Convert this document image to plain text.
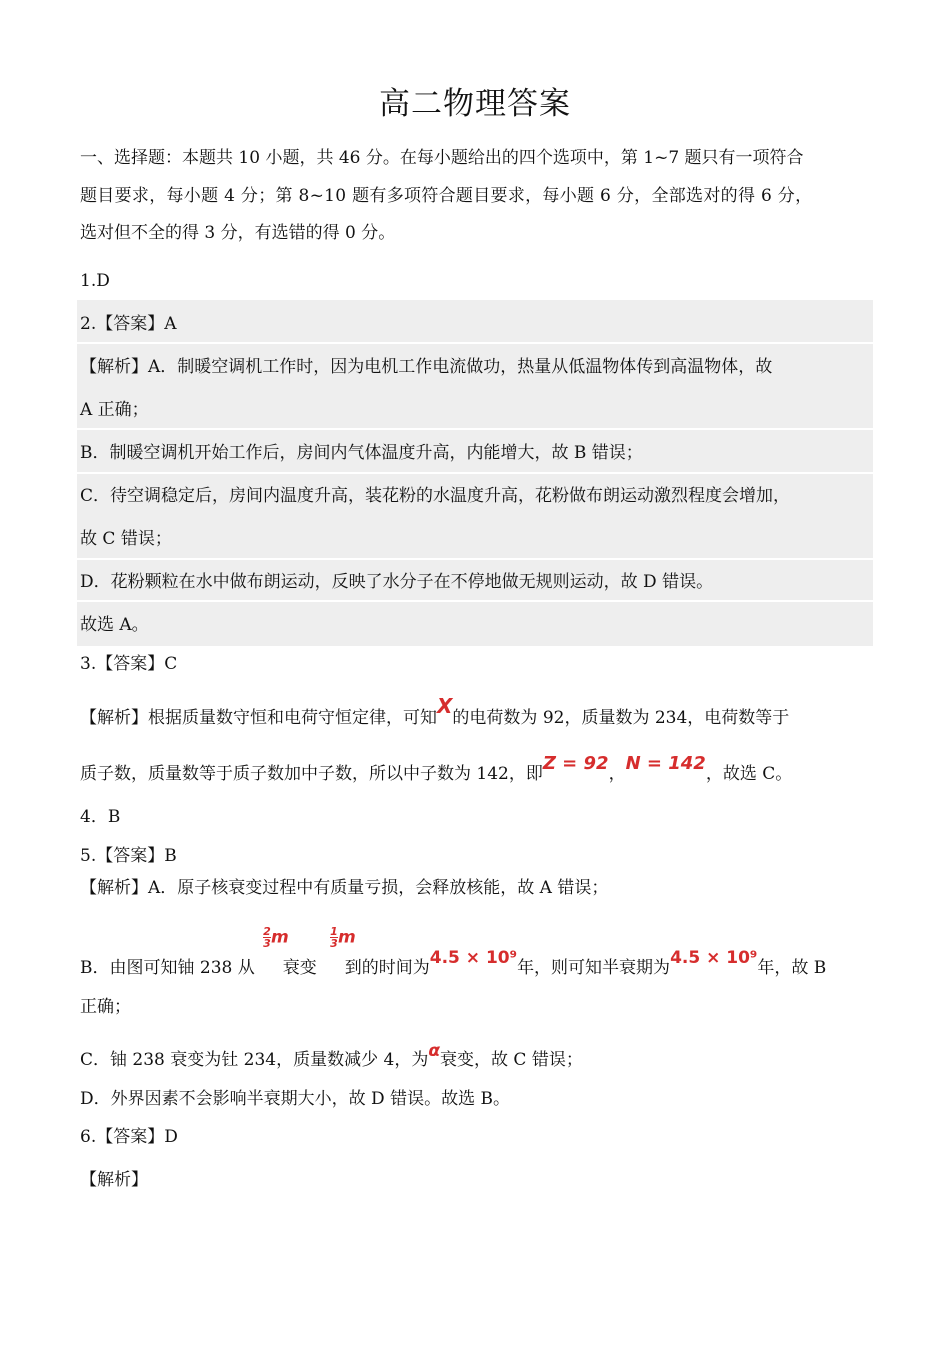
高二物理答案
一、选择题：本题共 10 小题，共 46 分。在每小题给出的四个选项中，第 1~7 题只有一项符合
题目要求，每小题 4 分；第 8~10 题有多项符合题目要求，每小题 6 分，全部选对的得 6 分，
选对但不全的得 3 分，有选错的得 0 分。
1.D
2.【答案】A
【解析】A．制暖空调机工作时，因为电机工作电流做功，热量从低温物体传到高温物体，故
A 正确；
B．制暖空调机开始工作后，房间内气体温度升高，内能增大，故 B 错误；
C．待空调稳定后，房间内温度升高，装花粉的水温度升高，花粉做布朗运动激烈程度会增加，
故 C 错误；
D．花粉颗粒在水中做布朗运动，反映了水分子在不停地做无规则运动，故 D 错误。
故选 A。
3.【答案】C
【解析】根据质量数守恒和电荷守恒定律，可知X的电荷数为 92，质量数为 234，电荷数等于
质子数，质量数等于质子数加中子数，所以中子数为 142，即Z = 92，N = 142，故选 C。
4．B
5.【答案】B
【解析】A．原子核衰变过程中有质量亏损，会释放核能，故 A 错误；
$\frac{2}{3}$ m	$\frac{1}{3}$ m
B．由图可知铀 238 从 衰变 到的时间为4.5 × 10⁹年，则可知半衰期为4.5 × 10⁹年，故 B
正确；
C．铀 238 衰变为钍 234，质量数减少 4，为α衰变，故 C 错误；
D．外界因素不会影响半衰期大小，故 D 错误。故选 B。
6.【答案】D
【解析】
